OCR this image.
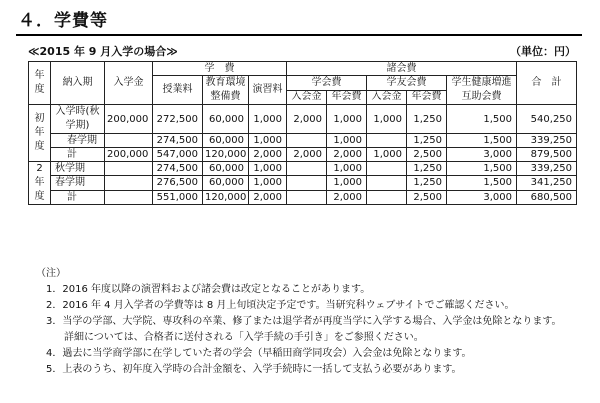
４．学費等
≪2015 年 9 月入学の場合≫	（単位：円）
年度	納入期	入学金	学　費			諸会費					合　計
			授業料	教育環境整備費	演習料	学会費		学友会費		学生健康増進互助会費	
						入会金	年会費	入会金	年会費		
初年度	入学時(秋学期)	200,000	272,500	60,000	1,000	2,000	1,000	1,000	1,250	1,500	540,250
	春学期		274,500	60,000	1,000		1,000		1,250	1,500	339,250
	計	200,000	547,000	120,000	2,000	2,000	2,000	1,000	2,500	3,000	879,500
2年度	秋学期		274,500	60,000	1,000		1,000		1,250	1,500	339,250
	春学期		276,500	60,000	1,000		1,000		1,250	1,500	341,250
	計		551,000	120,000	2,000		2,000		2,500	3,000	680,500
（注）
1．2016 年度以降の演習料および諸会費は改定となることがあります。
2．2016 年 4 月入学者の学費等は 8 月上旬頃決定予定です。当研究科ウェブサイトでご確認ください。
3．当学の学部、大学院、専攻科の卒業、修了または退学者が再度当学に入学する場合、入学金は免除となります。
詳細については、合格者に送付される「入学手続の手引き」をご参照ください。
4．過去に当学商学部に在学していた者の学会（早稲田商学同攻会）入会金は免除となります。
5．上表のうち、初年度入学時の合計金額を、入学手続時に一括して支払う必要があります。
